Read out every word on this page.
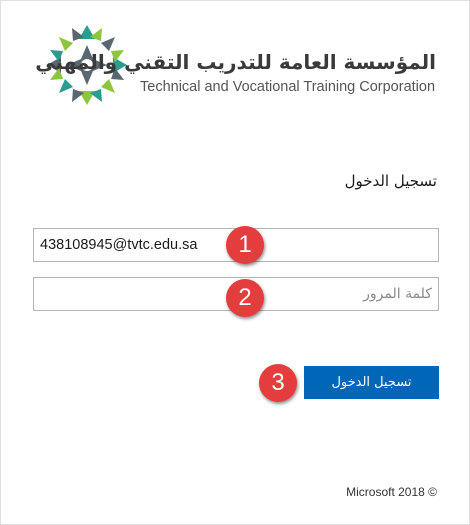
المؤسسة العامة للتدريب التقني والمهني
Technical and Vocational Training Corporation
تسجيل الدخول
438108945@tvtc.edu.sa
تسجيل الدخول
1
2
3

Microsoft 2018 ©
